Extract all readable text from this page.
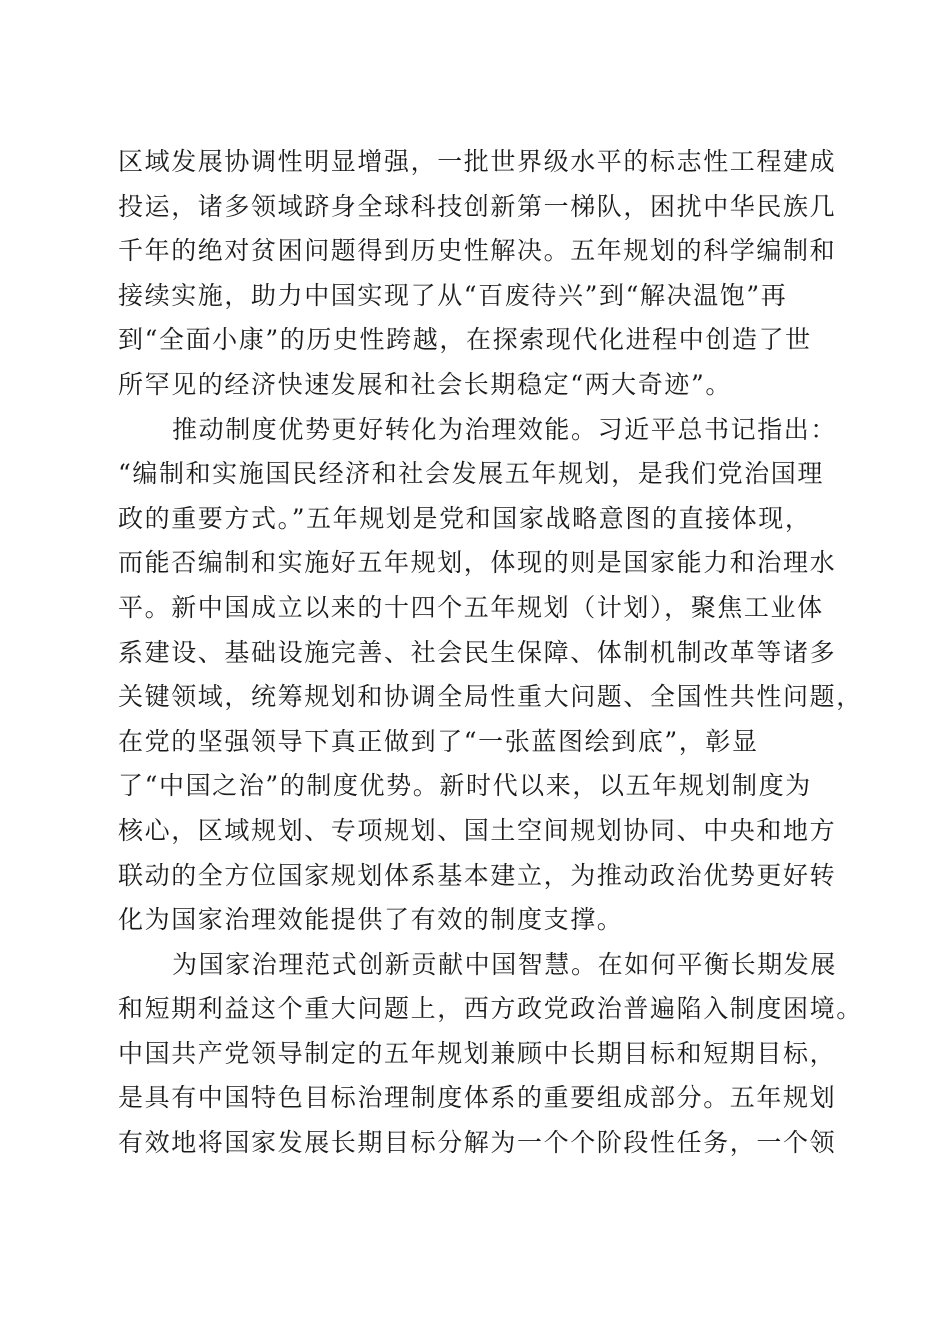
区域发展协调性明显增强，一批世界级水平的标志性工程建成
投运，诸多领域跻身全球科技创新第一梯队，困扰中华民族几
千年的绝对贫困问题得到历史性解决。五年规划的科学编制和
接续实施，助力中国实现了从“百废待兴”到“解决温饱”再
到“全面小康”的历史性跨越，在探索现代化进程中创造了世
所罕见的经济快速发展和社会长期稳定“两大奇迹”。
推动制度优势更好转化为治理效能。习近平总书记指出：
“编制和实施国民经济和社会发展五年规划，是我们党治国理
政的重要方式。”五年规划是党和国家战略意图的直接体现，
而能否编制和实施好五年规划，体现的则是国家能力和治理水
平。新中国成立以来的十四个五年规划（计划），聚焦工业体
系建设、基础设施完善、社会民生保障、体制机制改革等诸多
关键领域，统筹规划和协调全局性重大问题、全国性共性问题，
在党的坚强领导下真正做到了“一张蓝图绘到底”，彰显
了“中国之治”的制度优势。新时代以来，以五年规划制度为
核心，区域规划、专项规划、国土空间规划协同、中央和地方
联动的全方位国家规划体系基本建立，为推动政治优势更好转
化为国家治理效能提供了有效的制度支撑。
为国家治理范式创新贡献中国智慧。在如何平衡长期发展
和短期利益这个重大问题上，西方政党政治普遍陷入制度困境。
中国共产党领导制定的五年规划兼顾中长期目标和短期目标，
是具有中国特色目标治理制度体系的重要组成部分。五年规划
有效地将国家发展长期目标分解为一个个阶段性任务，一个领
